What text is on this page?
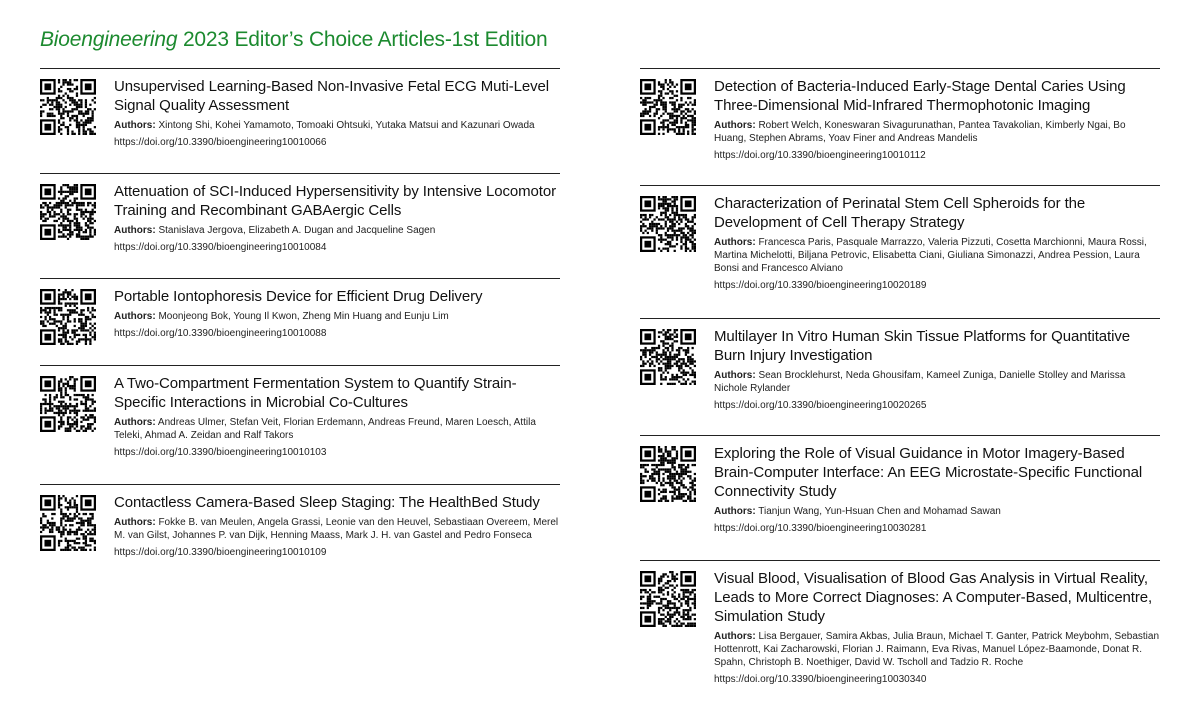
Bioengineering 2023 Editor’s Choice Articles-1st Edition

Unsupervised Learning-Based Non-Invasive Fetal ECG Muti-Level Signal Quality Assessment

Authors: Xintong Shi, Kohei Yamamoto, Tomoaki Ohtsuki, Yutaka Matsui and Kazunari Owada

https://doi.org/10.3390/bioengineering10010066

Attenuation of SCI-Induced Hypersensitivity by Intensive Locomotor Training and Recombinant GABAergic Cells

Authors: Stanislava Jergova, Elizabeth A. Dugan and Jacqueline Sagen

https://doi.org/10.3390/bioengineering10010084

Portable Iontophoresis Device for Efficient Drug Delivery

Authors: Moonjeong Bok, Young Il Kwon, Zheng Min Huang and Eunju Lim

https://doi.org/10.3390/bioengineering10010088

A Two-Compartment Fermentation System to Quantify Strain-Specific Interactions in Microbial Co-Cultures

Authors: Andreas Ulmer, Stefan Veit, Florian Erdemann, Andreas Freund, Maren Loesch, Attila Teleki, Ahmad A. Zeidan and Ralf Takors

https://doi.org/10.3390/bioengineering10010103

Contactless Camera-Based Sleep Staging: The HealthBed Study

Authors: Fokke B. van Meulen, Angela Grassi, Leonie van den Heuvel, Sebastiaan Overeem, Merel M. van Gilst, Johannes P. van Dijk, Henning Maass, Mark J. H. van Gastel and Pedro Fonseca

https://doi.org/10.3390/bioengineering10010109

Detection of Bacteria-Induced Early-Stage Dental Caries Using Three-Dimensional Mid-Infrared Thermophotonic Imaging

Authors: Robert Welch, Koneswaran Sivagurunathan, Pantea Tavakolian, Kimberly Ngai, Bo Huang, Stephen Abrams, Yoav Finer and Andreas Mandelis

https://doi.org/10.3390/bioengineering10010112

Characterization of Perinatal Stem Cell Spheroids for the Development of Cell Therapy Strategy

Authors: Francesca Paris, Pasquale Marrazzo, Valeria Pizzuti, Cosetta Marchionni, Maura Rossi, Martina Michelotti, Biljana Petrovic, Elisabetta Ciani, Giuliana Simonazzi, Andrea Pession, Laura Bonsi and Francesco Alviano

https://doi.org/10.3390/bioengineering10020189

Multilayer In Vitro Human Skin Tissue Platforms for Quantitative Burn Injury Investigation

Authors: Sean Brocklehurst, Neda Ghousifam, Kameel Zuniga, Danielle Stolley and Marissa Nichole Rylander

https://doi.org/10.3390/bioengineering10020265

Exploring the Role of Visual Guidance in Motor Imagery-Based Brain-Computer Interface: An EEG Microstate-Specific Functional Connectivity Study

Authors: Tianjun Wang, Yun-Hsuan Chen and Mohamad Sawan

https://doi.org/10.3390/bioengineering10030281

Visual Blood, Visualisation of Blood Gas Analysis in Virtual Reality, Leads to More Correct Diagnoses: A Computer-Based, Multicentre, Simulation Study

Authors: Lisa Bergauer, Samira Akbas, Julia Braun, Michael T. Ganter, Patrick Meybohm, Sebastian Hottenrott, Kai Zacharowski, Florian J. Raimann, Eva Rivas, Manuel López-Baamonde, Donat R. Spahn, Christoph B. Noethiger, David W. Tscholl and Tadzio R. Roche

https://doi.org/10.3390/bioengineering10030340
